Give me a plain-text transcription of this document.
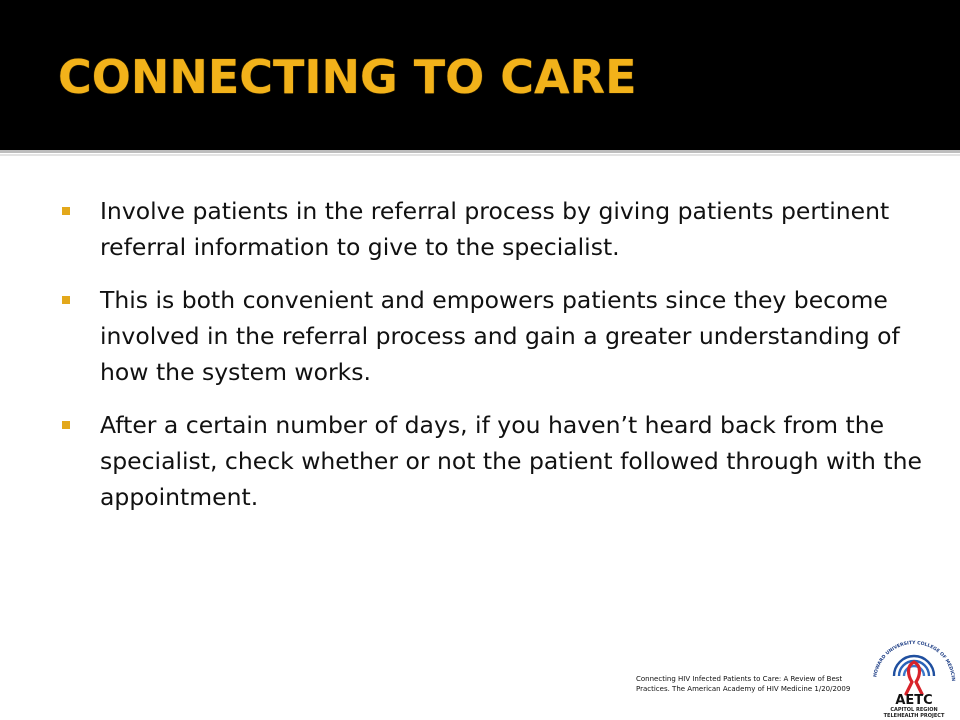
CONNECTING TO CARE
Involve patients in the referral process by giving patients pertinent referral information to give to the specialist.
This is both convenient and empowers patients since they become involved in the referral process and gain a greater understanding of how the system works.
After a certain number of days, if you haven’t heard back from the specialist, check whether or not the patient followed through with the appointment.
Connecting HIV Infected Patients to Care: A Review of Best Practices. The American Academy of HIV Medicine 1/20/2009
HOWARD UNIVERSITY COLLEGE OF MEDICIN
AETC
CAPITOL REGION
TELEHEALTH PROJECT
